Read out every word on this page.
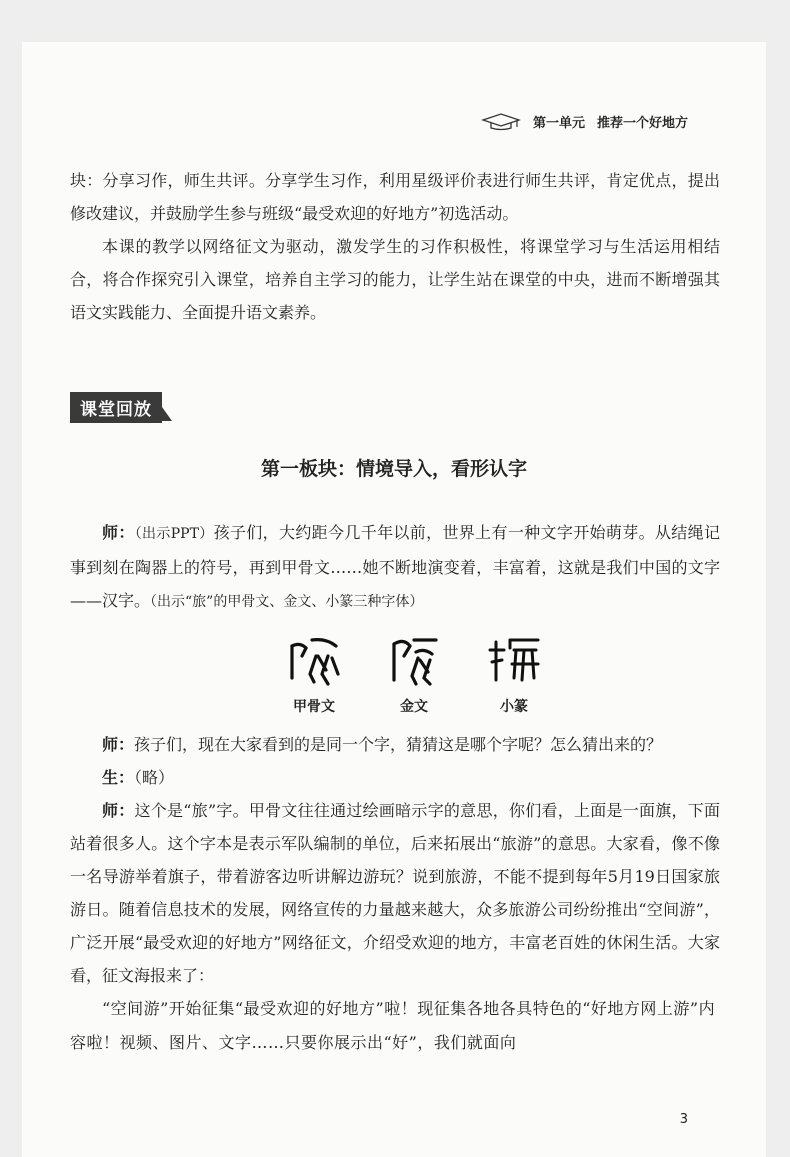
第一单元 推荐一个好地方

块：分享习作，师生共评。分享学生习作，利用星级评价表进行师生共评，肯定优点，提出修改建议，并鼓励学生参与班级“最受欢迎的好地方”初选活动。

本课的教学以网络征文为驱动，激发学生的习作积极性，将课堂学习与生活运用相结合，将合作探究引入课堂，培养自主学习的能力，让学生站在课堂的中央，进而不断增强其语文实践能力、全面提升语文素养。

课堂回放
第一板块：情境导入，看形认字

师：（出示PPT）孩子们，大约距今几千年以前，世界上有一种文字开始萌芽。从结绳记事到刻在陶器上的符号，再到甲骨文……她不断地演变着，丰富着，这就是我们中国的文字——汉字。（出示“旅”的甲骨文、金文、小篆三种字体）

甲骨文	金文	小篆

师：孩子们，现在大家看到的是同一个字，猜猜这是哪个字呢？怎么猜出来的？

生：（略）

师：这个是“旅”字。甲骨文往往通过绘画暗示字的意思，你们看，上面是一面旗，下面站着很多人。这个字本是表示军队编制的单位，后来拓展出“旅游”的意思。大家看，像不像一名导游举着旗子，带着游客边听讲解边游玩？说到旅游，不能不提到每年5月19日国家旅游日。随着信息技术的发展，网络宣传的力量越来越大，众多旅游公司纷纷推出“空间游”，广泛开展“最受欢迎的好地方”网络征文，介绍受欢迎的地方，丰富老百姓的休闲生活。大家看，征文海报来了：

“空间游”开始征集“最受欢迎的好地方”啦！现征集各地各具特色的“好地方网上游”内容啦！视频、图片、文字……只要你展示出“好”，我们就面向

3
